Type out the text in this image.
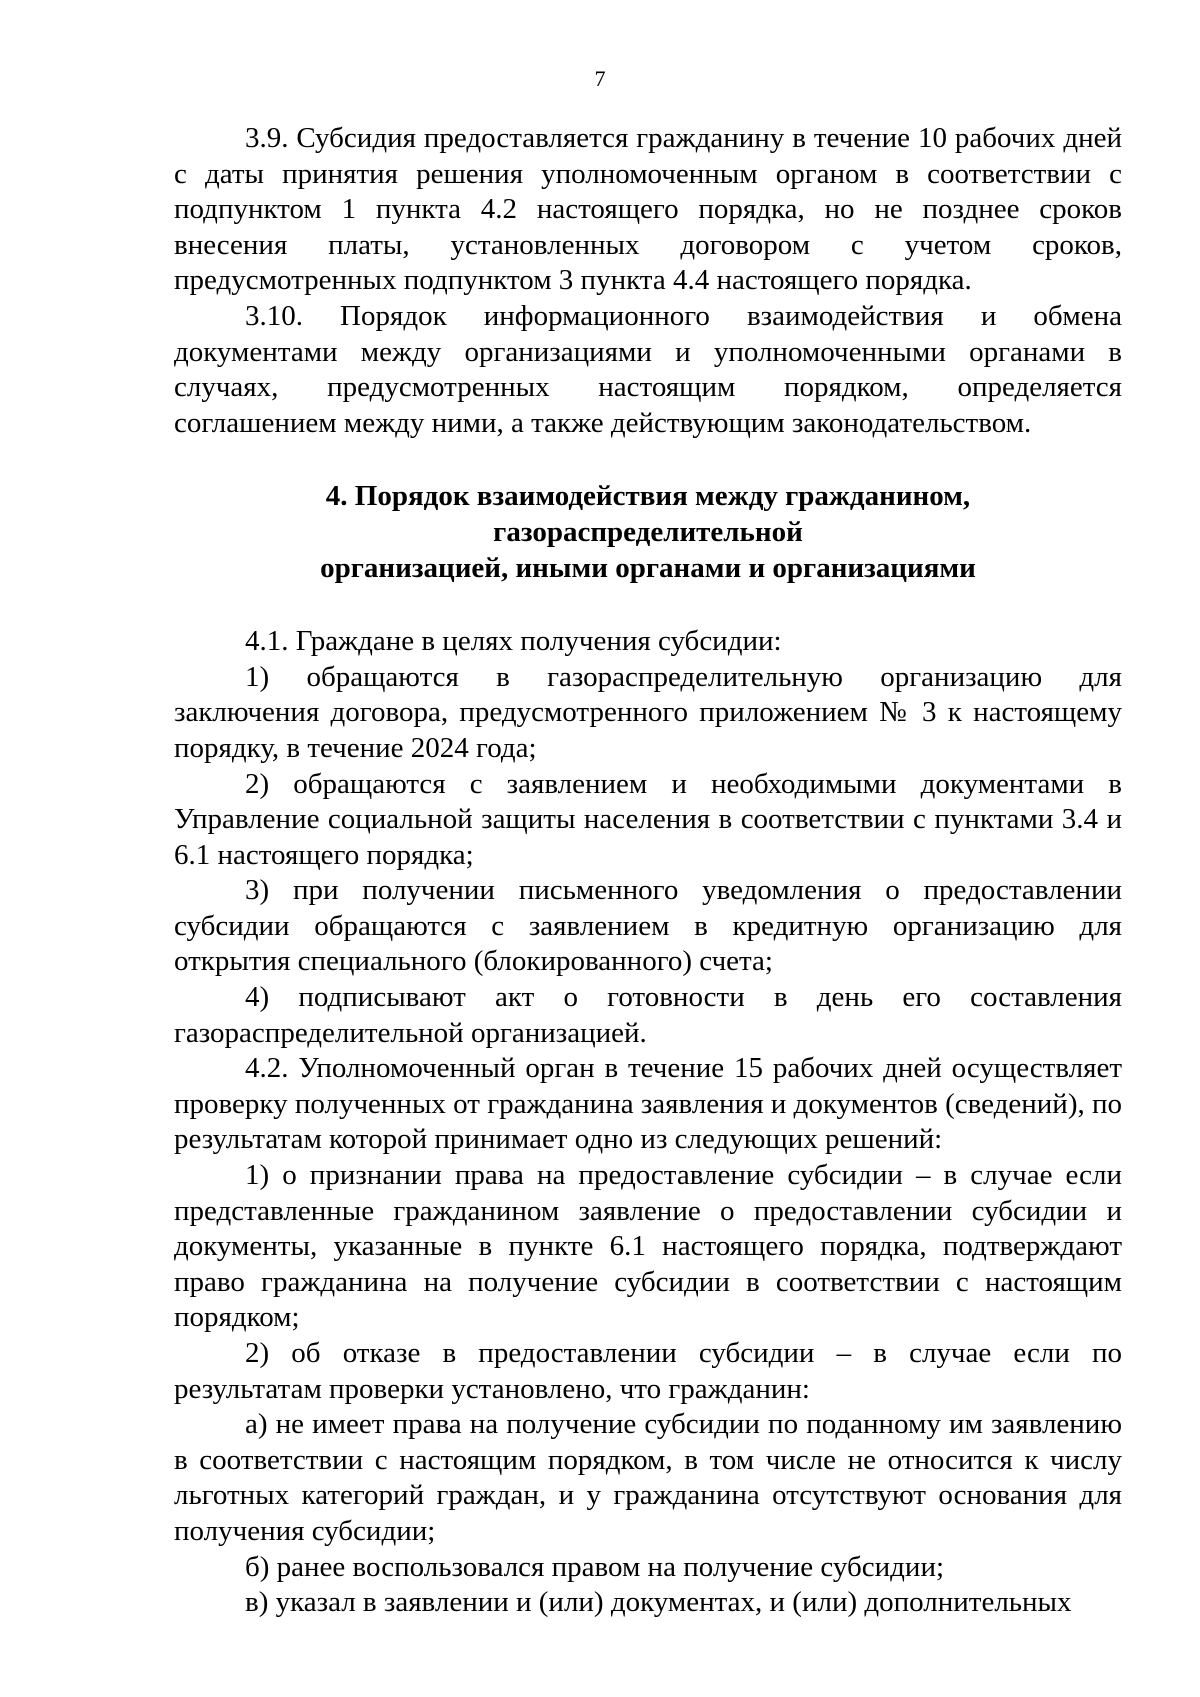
7

3.9. Субсидия предоставляется гражданину в течение 10 рабочих дней с даты принятия решения уполномоченным органом в соответствии с подпунктом 1 пункта 4.2 настоящего порядка, но не позднее сроков внесения платы, установленных договором с учетом сроков, предусмотренных подпунктом 3 пункта 4.4 настоящего порядка.

3.10. Порядок информационного взаимодействия и обмена документами между организациями и уполномоченными органами в случаях, предусмотренных настоящим порядком, определяется соглашением между ними, а также действующим законодательством.

4. Порядок взаимодействия между гражданином, газораспределительной

организацией, иными органами и организациями

4.1. Граждане в целях получения субсидии:

1) обращаются в газораспределительную организацию для заключения договора, предусмотренного приложением № 3 к настоящему порядку, в течение 2024 года;

2) обращаются с заявлением и необходимыми документами в Управление социальной защиты населения в соответствии с пунктами 3.4 и 6.1 настоящего порядка;

3) при получении письменного уведомления о предоставлении субсидии обращаются с заявлением в кредитную организацию для открытия специального (блокированного) счета;

4) подписывают акт о готовности в день его составления газораспределительной организацией.

4.2. Уполномоченный орган в течение 15 рабочих дней осуществляет проверку полученных от гражданина заявления и документов (сведений), по результатам которой принимает одно из следующих решений:

1) о признании права на предоставление субсидии – в случае если представленные гражданином заявление о предоставлении субсидии и документы, указанные в пункте 6.1 настоящего порядка, подтверждают право гражданина на получение субсидии в соответствии с настоящим порядком;

2) об отказе в предоставлении субсидии – в случае если по результатам проверки установлено, что гражданин:

а) не имеет права на получение субсидии по поданному им заявлению в соответствии с настоящим порядком, в том числе не относится к числу льготных категорий граждан, и у гражданина отсутствуют основания для получения субсидии;

б) ранее воспользовался правом на получение субсидии;

в) указал в заявлении и (или) документах, и (или) дополнительных
